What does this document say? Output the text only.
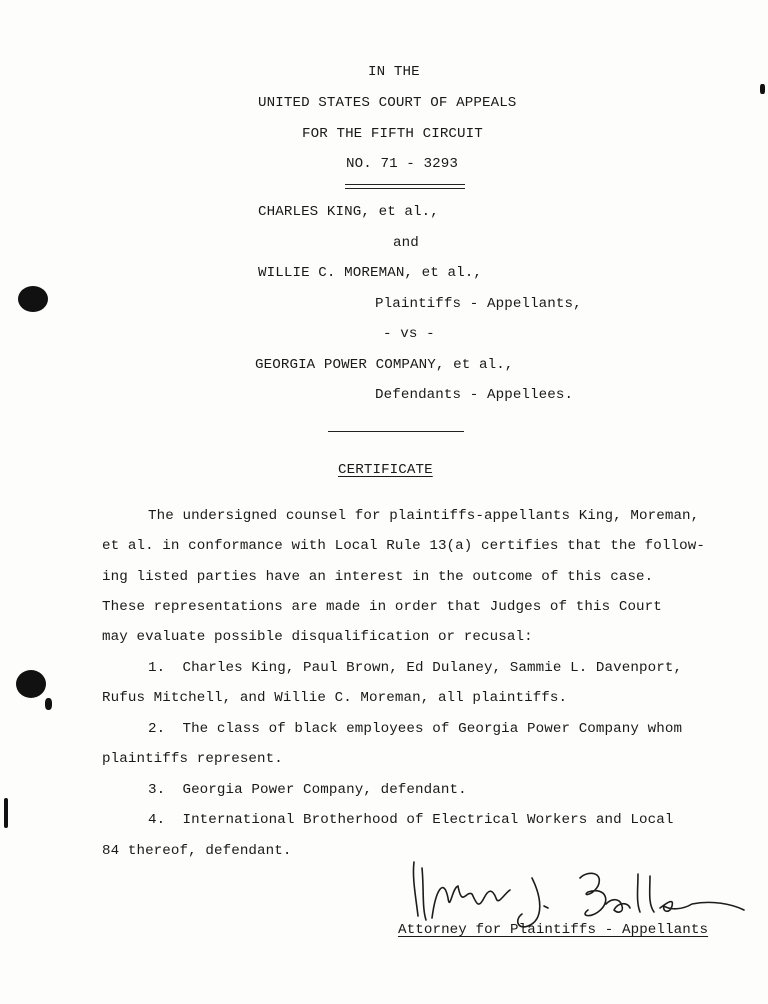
IN THE
UNITED STATES COURT OF APPEALS
FOR THE FIFTH CIRCUIT
NO. 71 - 3293
CHARLES KING, et al.,
and
WILLIE C. MOREMAN, et al.,
Plaintiffs - Appellants,
- vs -
GEORGIA POWER COMPANY, et al.,
Defendants - Appellees.
CERTIFICATE
The undersigned counsel for plaintiffs-appellants King, Moreman,
et al. in conformance with Local Rule 13(a) certifies that the follow-
ing listed parties have an interest in the outcome of this case.
These representations are made in order that Judges of this Court
may evaluate possible disqualification or recusal:
1.  Charles King, Paul Brown, Ed Dulaney, Sammie L. Davenport,
Rufus Mitchell, and Willie C. Moreman, all plaintiffs.
2.  The class of black employees of Georgia Power Company whom
plaintiffs represent.
3.  Georgia Power Company, defendant.
4.  International Brotherhood of Electrical Workers and Local
84 thereof, defendant.
Attorney for Plaintiffs - Appellants
